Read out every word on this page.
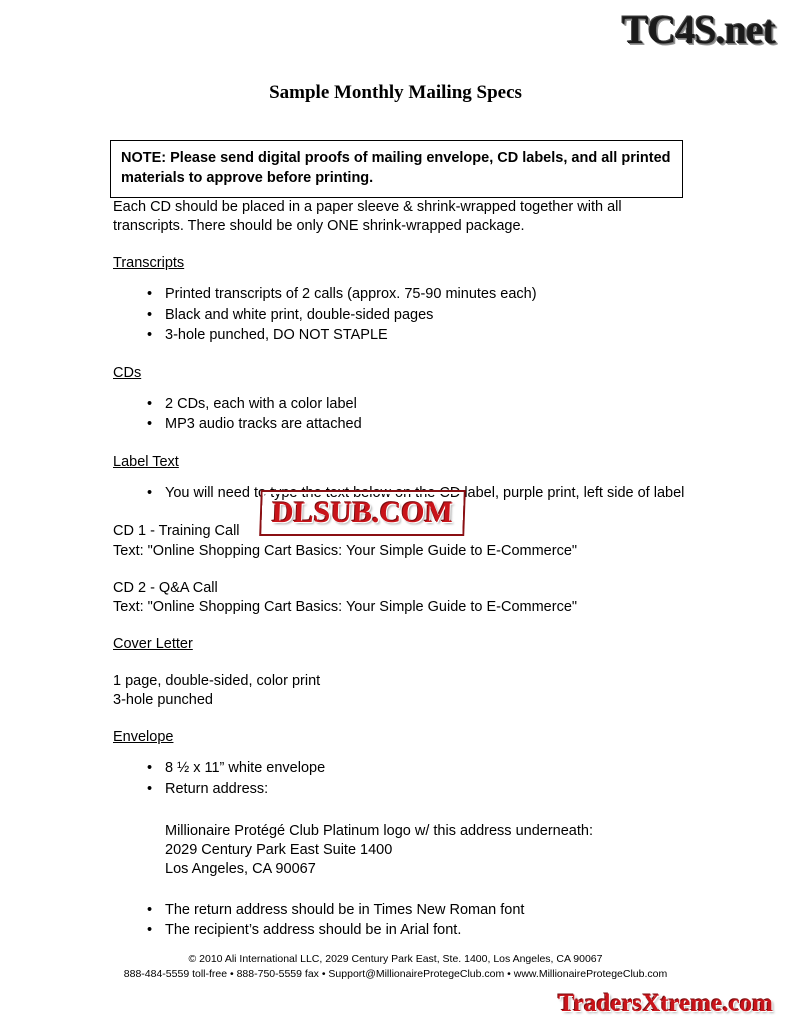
TC4S.net
Sample Monthly Mailing Specs
NOTE: Please send digital proofs of mailing envelope, CD labels, and all printed materials to approve before printing.

Each CD should be placed in a paper sleeve & shrink-wrapped together with all transcripts. There should be only ONE shrink-wrapped package.

Transcripts
• Printed transcripts of 2 calls (approx. 75-90 minutes each)
• Black and white print, double-sided pages
• 3-hole punched, DO NOT STAPLE
CDs
• 2 CDs, each with a color label
• MP3 audio tracks are attached
Label Text
• You will need to type the text below on the CD label, purple print, left side of label

CD 1 - Training Call

Text: "Online Shopping Cart Basics: Your Simple Guide to E-Commerce"

CD 2 - Q&A Call

Text: "Online Shopping Cart Basics: Your Simple Guide to E-Commerce"

Cover Letter

1 page, double-sided, color print

3-hole punched

Envelope
• 8 ½ x 11” white envelope
• Return address:

Millionaire Protégé Club Platinum logo w/ this address underneath:

2029 Century Park East Suite 1400

Los Angeles, CA 90067

• The return address should be in Times New Roman font
• The recipient’s address should be in Arial font.
DLSUB.COM
© 2010 Ali International LLC, 2029 Century Park East, Ste. 1400, Los Angeles, CA 90067
888-484-5559 toll-free • 888-750-5559 fax • Support@MillionaireProtegeClub.com • www.MillionaireProtegeClub.com
TradersXtreme.com
